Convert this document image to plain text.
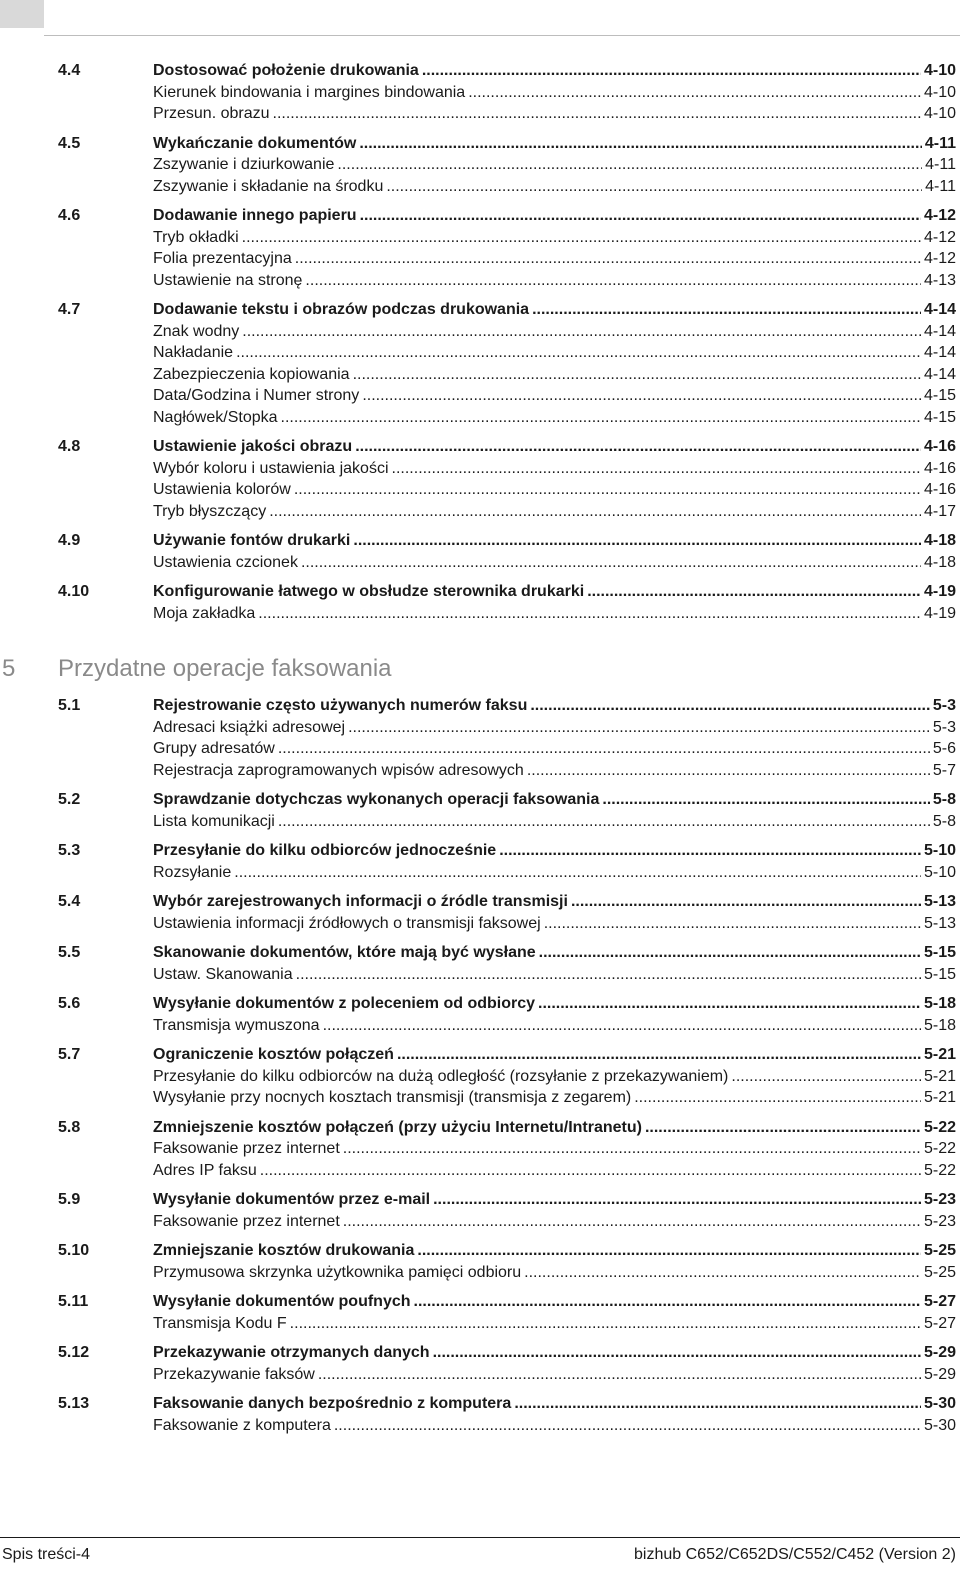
4.4	Dostosować położenie drukowania .....	4-10
Kierunek bindowania i margines bindowania .....	4-10
Przesun. obrazu .....	4-10
4.5	Wykańczanie dokumentów .....	4-11
Zszywanie i dziurkowanie .....	4-11
Zszywanie i składanie na środku .....	4-11
4.6	Dodawanie innego papieru .....	4-12
Tryb okładki .....	4-12
Folia prezentacyjna .....	4-12
Ustawienie na stronę .....	4-13
4.7	Dodawanie tekstu i obrazów podczas drukowania .....	4-14
Znak wodny .....	4-14
Nakładanie .....	4-14
Zabezpieczenia kopiowania .....	4-14
Data/Godzina i Numer strony .....	4-15
Nagłówek/Stopka .....	4-15
4.8	Ustawienie jakości obrazu .....	4-16
Wybór koloru i ustawienia jakości .....	4-16
Ustawienia kolorów .....	4-16
Tryb błyszczący .....	4-17
4.9	Używanie fontów drukarki .....	4-18
Ustawienia czcionek .....	4-18
4.10	Konfigurowanie łatwego w obsłudze sterownika drukarki .....	4-19
Moja zakładka .....	4-19
5 Przydatne operacje faksowania
5.1	Rejestrowanie często używanych numerów faksu .....	5-3
Adresaci książki adresowej .....	5-3
Grupy adresatów .....	5-6
Rejestracja zaprogramowanych wpisów adresowych .....	5-7
5.2	Sprawdzanie dotychczas wykonanych operacji faksowania .....	5-8
Lista komunikacji .....	5-8
5.3	Przesyłanie do kilku odbiorców jednocześnie .....	5-10
Rozsyłanie .....	5-10
5.4	Wybór zarejestrowanych informacji o źródle transmisji .....	5-13
Ustawienia informacji źródłowych o transmisji faksowej .....	5-13
5.5	Skanowanie dokumentów, które mają być wysłane .....	5-15
Ustaw. Skanowania .....	5-15
5.6	Wysyłanie dokumentów z poleceniem od odbiorcy .....	5-18
Transmisja wymuszona .....	5-18
5.7	Ograniczenie kosztów połączeń .....	5-21
Przesyłanie do kilku odbiorców na dużą odległość (rozsyłanie z przekazywaniem) .....	5-21
Wysyłanie przy nocnych kosztach transmisji (transmisja z zegarem) .....	5-21
5.8	Zmniejszenie kosztów połączeń (przy użyciu Internetu/Intranetu) .....	5-22
Faksowanie przez internet .....	5-22
Adres IP faksu .....	5-22
5.9	Wysyłanie dokumentów przez e-mail .....	5-23
Faksowanie przez internet .....	5-23
5.10	Zmniejszanie kosztów drukowania .....	5-25
Przymusowa skrzynka użytkownika pamięci odbioru .....	5-25
5.11	Wysyłanie dokumentów poufnych .....	5-27
Transmisja Kodu F .....	5-27
5.12	Przekazywanie otrzymanych danych .....	5-29
Przekazywanie faksów .....	5-29
5.13	Faksowanie danych bezpośrednio z komputera .....	5-30
Faksowanie z komputera .....	5-30
Spis treści-4	bizhub C652/C652DS/C552/C452 (Version 2)
